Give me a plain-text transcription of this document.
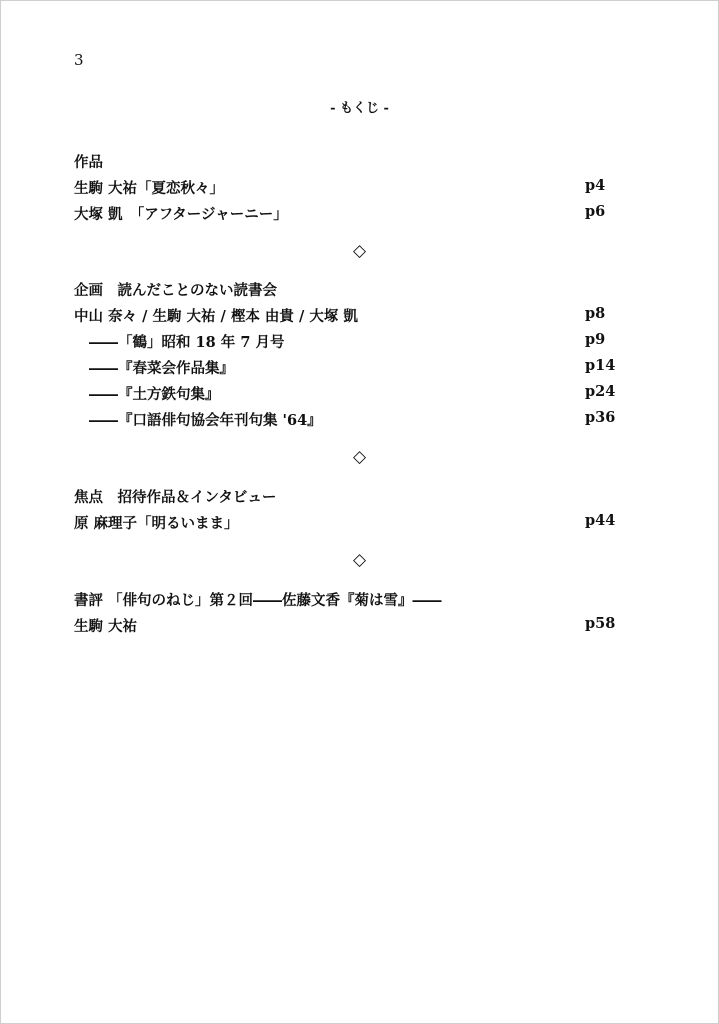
3
- もくじ -
作品
生駒 大祐「夏恋秋々」	p4
大塚 凱　「アフタージャーニー」	p6
◇
企画　読んだことのない読書会
中山 奈々 / 生駒 大祐 / 樫本 由貴 / 大塚 凱	p8
――「鶴」昭和 18 年 7 月号	p9
――『春菜会作品集』	p14
――『土方鉄句集』	p24
――『口語俳句協会年刊句集 '64』	p36
◇
焦点　招待作品＆インタビュー
原 麻理子「明るいまま」	p44
◇
書評 「俳句のねじ」第２回――佐藤文香『菊は雪』――
生駒 大祐	p58
